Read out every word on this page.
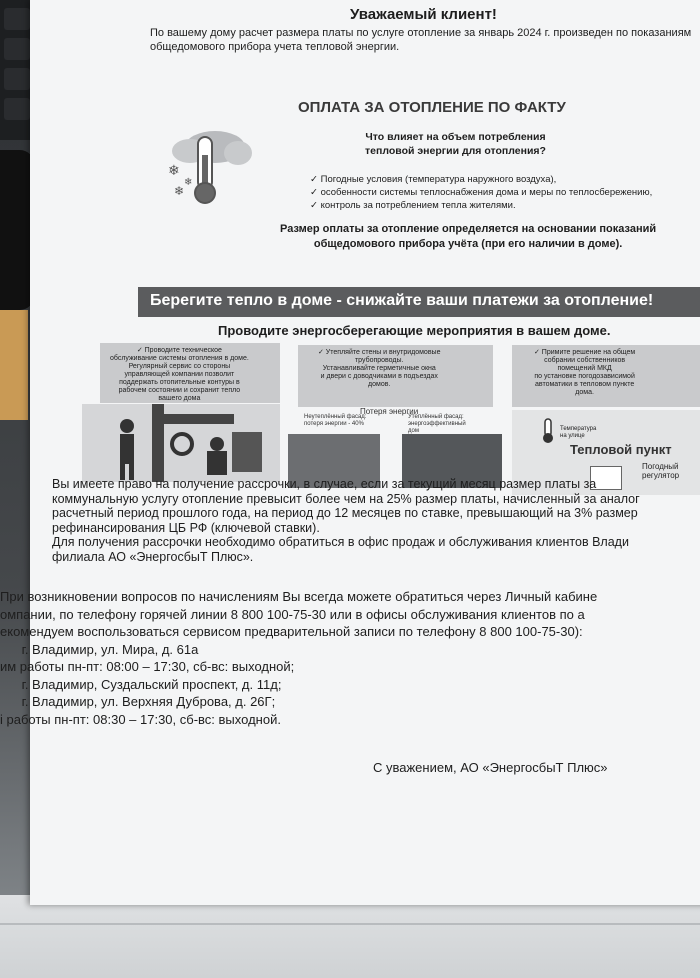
Уважаемый клиент!
По вашему дому расчет размера платы по услуге отопление за январь 2024 г. произведен по показаниям
общедомового прибора учета тепловой энергии.
❄
❄
❄
ОПЛАТА ЗА ОТОПЛЕНИЕ ПО ФАКТУ
Что влияет на объем потребления
тепловой энергии для отопления?
✓ Погодные условия (температура наружного воздуха),
✓ особенности системы теплоснабжения дома и меры по теплосбережению,
✓ контроль за потреблением тепла жителями.
Размер оплаты за отопление определяется на основании показаний
общедомового прибора учёта (при его наличии в доме).
Берегите тепло в доме - снижайте ваши платежи за отопление!
Проводите энергосберегающие мероприятия в вашем доме.
✓ Проводите техническое
обслуживание системы отопления в доме.
Регулярный сервис со стороны
управляющей компании позволит
поддержать отопительные контуры в
рабочем состоянии и сохранит тепло
вашего дома
✓ Утепляйте стены и внутридомовые
трубопроводы.
Устанавливайте герметичные окна
и двери с доводчиками в подъездах
домов.
Потеря энергии
Неутеплённый фасад:
потеря энергии - 40%
Утеплённый фасад:
энергоэффективный
дом
✓ Примите решение на общем
собрании собственников
помещений МКД
по установке погодозависимой
автоматики в тепловом пункте
дома.
Температура
на улице
Тепловой пункт
Погодный
регулятор
Вы имеете право на получение рассрочки, в случае, если за текущий месяц размер платы за
коммунальную услугу отопление превысит более чем на 25% размер платы, начисленный за аналог
расчетный период прошлого года, на период до 12 месяцев по ставке, превышающий на 3% размер
рефинансирования ЦБ РФ (ключевой ставки).
Для получения рассрочки необходимо обратиться в офис продаж и обслуживания клиентов Влади
филиала АО «ЭнергосбыТ Плюс».
При возникновении вопросов по начислениям Вы всегда можете обратиться через Личный кабине
омпании, по телефону горячей линии 8 800 100-75-30 или в офисы обслуживания клиентов по а
екомендуем воспользоваться сервисом предварительной записи по телефону 8 800 100-75-30):
г. Владимир, ул. Мира, д. 61а
им работы пн-пт: 08:00 – 17:30, сб-вс: выходной;
г. Владимир, Суздальский проспект, д. 11д;
г. Владимир, ул. Верхняя Дуброва, д. 26Г;
і работы пн-пт: 08:30 – 17:30, сб-вс: выходной.
С уважением, АО «ЭнергосбыТ Плюс»
